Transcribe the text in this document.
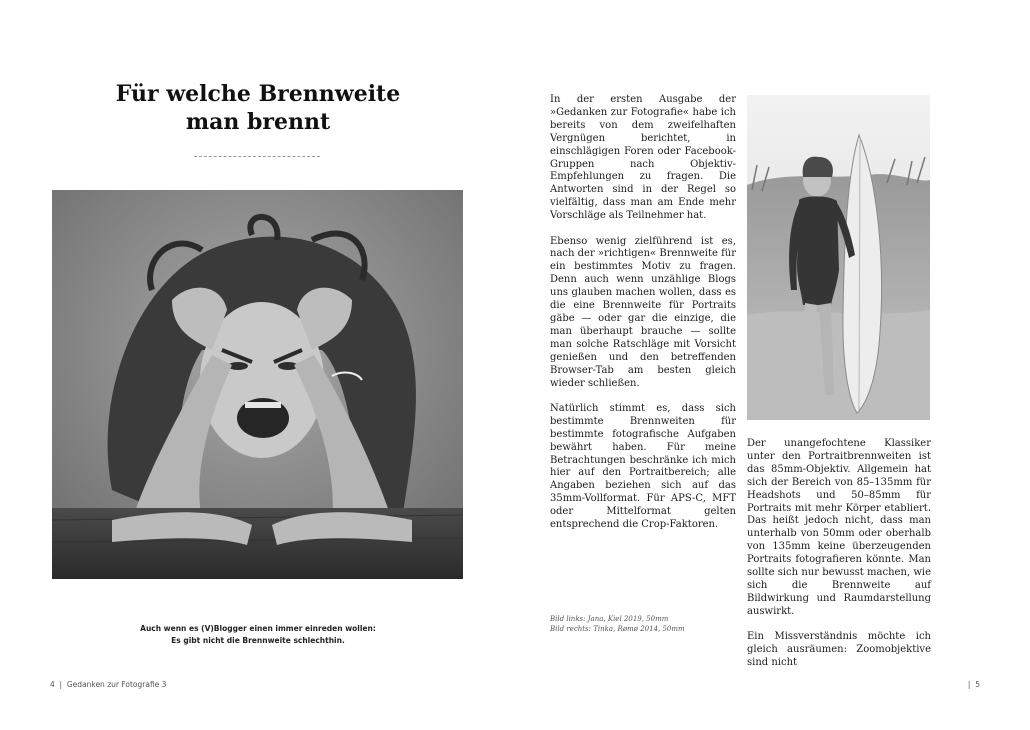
Für welche Brennweite
man brennt
Auch wenn es (V)Blogger einen immer einreden wollen:
Es gibt nicht die Brennweite schlechthin.
4  |  Gedanken zur Fotografie 3

In der ersten Ausgabe der »Gedanken zur Fotografie« habe ich bereits von dem zweifelhaften Vergnügen berichtet, in einschlägigen Foren oder Facebook-Gruppen nach Objektiv-Empfehlungen zu fragen. Die Antworten sind in der Regel so vielfältig, dass man am Ende mehr Vorschläge als Teilnehmer hat.

Ebenso wenig zielführend ist es, nach der »richtigen« Brennweite für ein bestimmtes Motiv zu fragen. Denn auch wenn unzählige Blogs uns glauben machen wollen, dass es die eine Brennweite für Portraits gäbe — oder gar die einzige, die man überhaupt brauche — sollte man solche Ratschläge mit Vorsicht genießen und den betreffenden Browser-Tab am besten gleich wieder schließen.

Natürlich stimmt es, dass sich bestimmte Brennweiten für bestimmte fotografische Aufgaben bewährt haben. Für meine Betrachtungen beschränke ich mich hier auf den Portraitbereich; alle Angaben beziehen sich auf das 35mm-Vollformat. Für APS-C, MFT oder Mittelformat gelten entsprechend die Crop-Faktoren.

Bild links: Jana, Kiel 2019, 50mm
Bild rechts: Tinka, Rømø 2014, 50mm

Der unangefochtene Klassiker unter den Portraitbrennweiten ist das 85mm-Objektiv. Allgemein hat sich der Bereich von 85–135mm für Headshots und 50–85mm für Portraits mit mehr Körper etabliert. Das heißt jedoch nicht, dass man unterhalb von 50mm oder oberhalb von 135mm keine überzeugenden Portraits fotografieren könnte. Man sollte sich nur bewusst machen, wie sich die Brennweite auf Bildwirkung und Raumdarstellung auswirkt.

Ein Missverständnis möchte ich gleich ausräumen: Zoomobjektive sind nicht

|  5
